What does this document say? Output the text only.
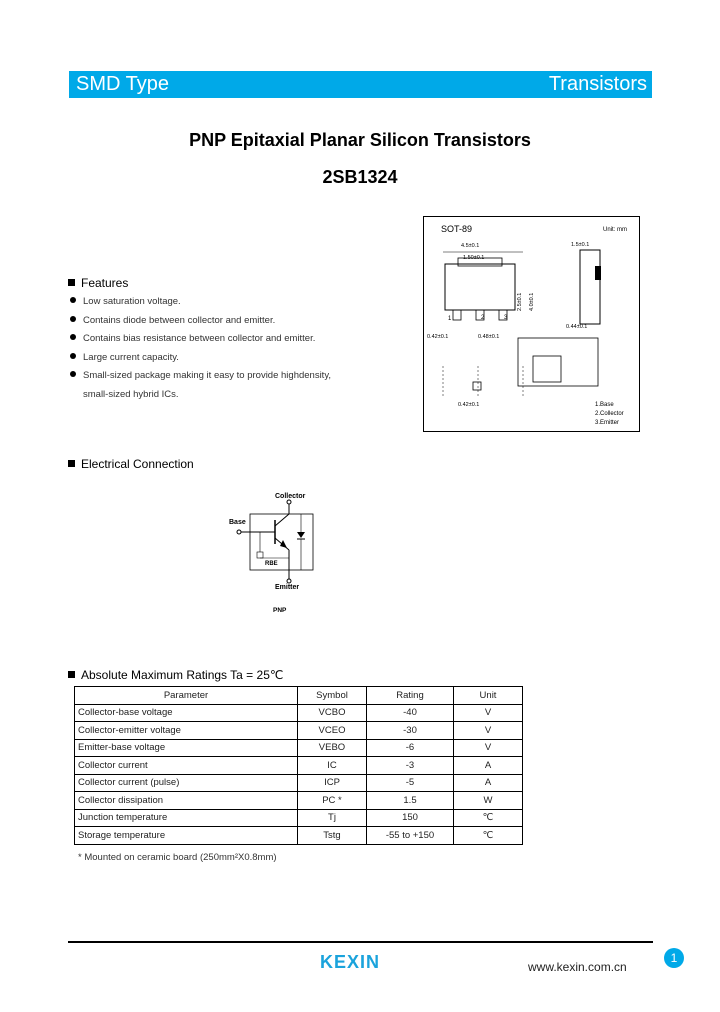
SMD Type	Transistors
PNP Epitaxial Planar Silicon Transistors
2SB1324
Features
Low saturation voltage.
Contains diode between collector and emitter.
Contains bias resistance between collector and emitter.
Large current capacity.
Small-sized package making it easy to provide highdensity,
small-sized hybrid ICs.
SOT-89	Unit: mm
4.5±0.1
1.50±0.1
1	2	3
0.42±0.1	0.48±0.1
2.5±0.1 4.0±0.1
1.5±0.1
0.44±0.1
0.42±0.1	1.Base
2.Collector
3.Emitter
Electrical Connection
Collector
Base
Emitter
RBE
PNP
Absolute Maximum Ratings Ta = 25℃
Parameter	Symbol	Rating	Unit
Collector-base voltage	VCBO	-40	V
Collector-emitter voltage	VCEO	-30	V
Emitter-base voltage	VEBO	-6	V
Collector current	IC	-3	A
Collector current (pulse)	ICP	-5	A
Collector dissipation	PC *	1.5	W
Junction temperature	Tj	150	℃
Storage temperature	Tstg	-55 to +150	℃
* Mounted on ceramic board (250mm²X0.8mm)
KEXIN	www.kexin.com.cn
1
